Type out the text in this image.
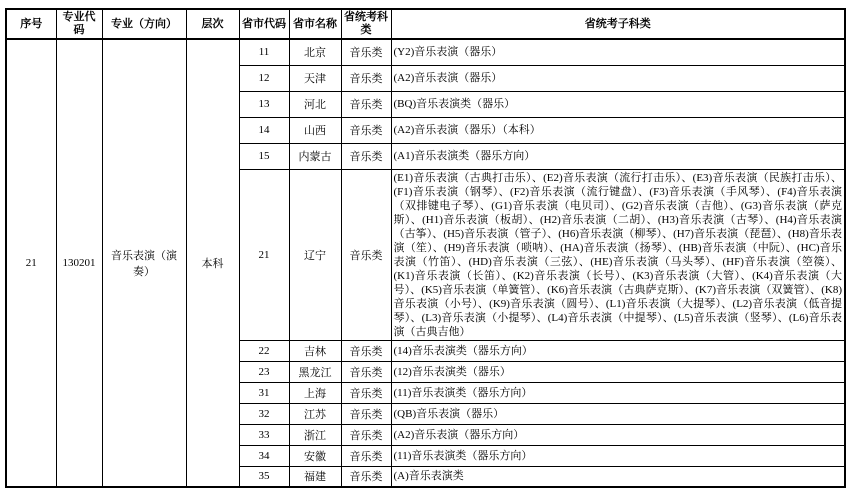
序号	专业代码	专业（方向）	层次	省市代码	省市名称	省统考科类	省统考子科类
21	130201	音乐表演（演奏）	本科	11	北京	音乐类	(Y2)音乐表演（器乐）
				12	天津	音乐类	(A2)音乐表演（器乐）
				13	河北	音乐类	(BQ)音乐表演类（器乐）
				14	山西	音乐类	(A2)音乐表演（器乐）（本科）
				15	内蒙古	音乐类	(A1)音乐表演类（器乐方向）
				21	辽宁	音乐类	(E1)音乐表演（古典打击乐）、(E2)音乐表演（流行打击乐）、(E3)音乐表演（民族打击乐）、(F1)音乐表演（钢琴）、(F2)音乐表演（流行键盘）、(F3)音乐表演（手风琴）、(F4)音乐表演（双排键电子琴）、(G1)音乐表演（电贝司）、(G2)音乐表演（吉他）、(G3)音乐表演（萨克斯）、(H1)音乐表演（板胡）、(H2)音乐表演（二胡）、(H3)音乐表演（古琴）、(H4)音乐表演（古筝）、(H5)音乐表演（管子）、(H6)音乐表演（柳琴）、(H7)音乐表演（琵琶）、(H8)音乐表演（笙）、(H9)音乐表演（唢呐）、(HA)音乐表演（扬琴）、(HB)音乐表演（中阮）、(HC)音乐表演（竹笛）、(HD)音乐表演（三弦）、(HE)音乐表演（马头琴）、(HF)音乐表演（箜篌）、(K1)音乐表演（长笛）、(K2)音乐表演（长号）、(K3)音乐表演（大管）、(K4)音乐表演（大号）、(K5)音乐表演（单簧管）、(K6)音乐表演（古典萨克斯）、(K7)音乐表演（双簧管）、(K8)音乐表演（小号）、(K9)音乐表演（圆号）、(L1)音乐表演（大提琴）、(L2)音乐表演（低音提琴）、(L3)音乐表演（小提琴）、(L4)音乐表演（中提琴）、(L5)音乐表演（竖琴）、(L6)音乐表演（古典吉他）
				22	吉林	音乐类	(14)音乐表演类（器乐方向）
				23	黑龙江	音乐类	(12)音乐表演类（器乐）
				31	上海	音乐类	(11)音乐表演类（器乐方向）
				32	江苏	音乐类	(QB)音乐表演（器乐）
				33	浙江	音乐类	(A2)音乐表演（器乐方向）
				34	安徽	音乐类	(11)音乐表演类（器乐方向）
				35	福建	音乐类	(A)音乐表演类
